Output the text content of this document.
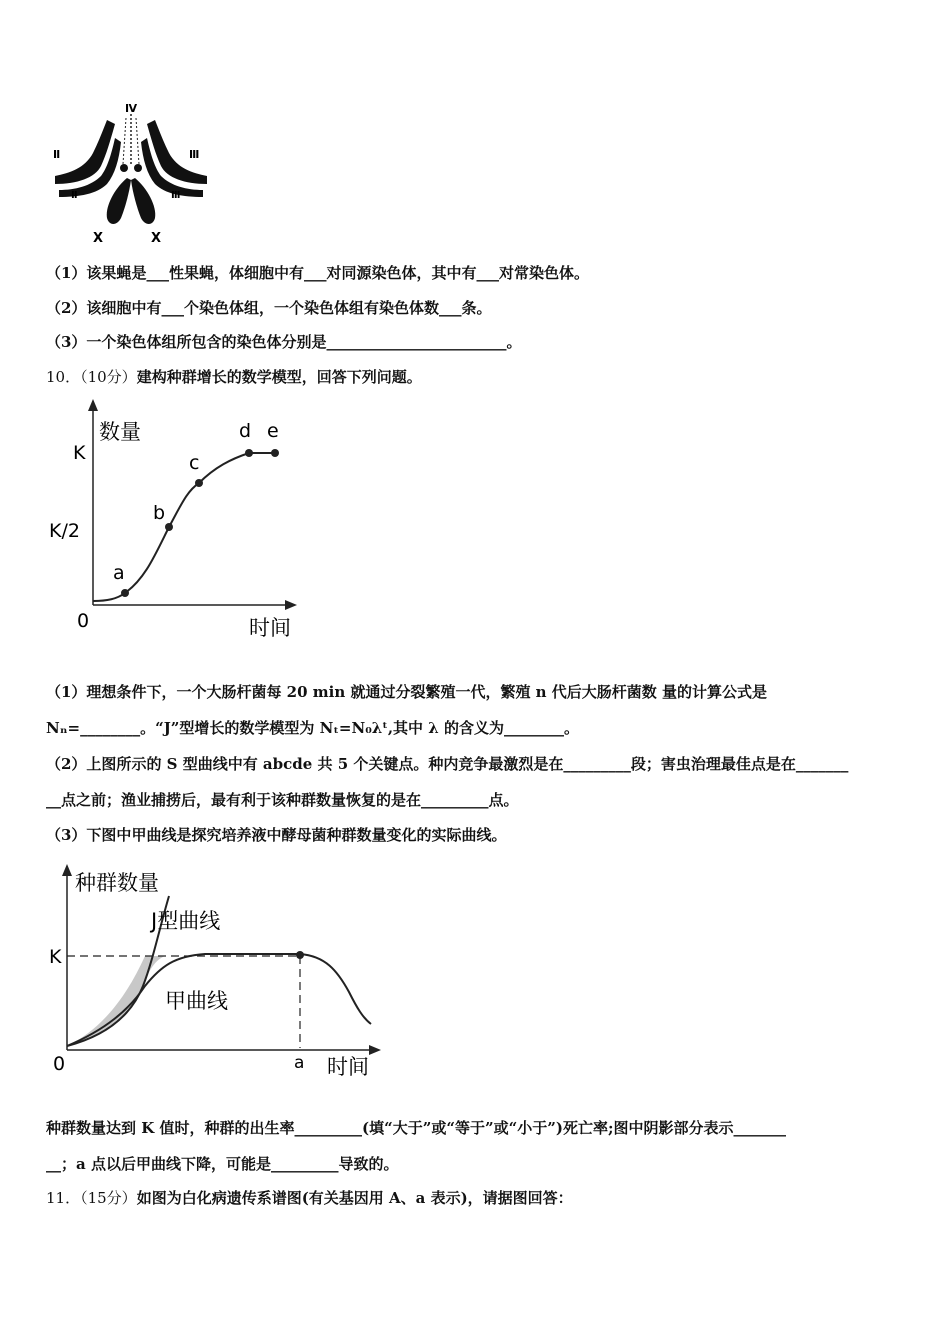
Ⅳ
Ⅱ	Ⅲ
Ⅱ	Ⅲ
X	X
（1）该果蝇是___性果蝇，体细胞中有___对同源染色体，其中有___对常染色体。
（2）该细胞中有___个染色体组，一个染色体组有染色体数___条。
（3）一个染色体组所包含的染色体分别是________________________。
10．（10分）建构种群增长的数学模型，回答下列问题。
数量
时间
K
K/2
0
a
b
c
d e
（1）理想条件下，一个大肠杆菌每 20 min 就通过分裂繁殖一代，繁殖 n 代后大肠杆菌数 量的计算公式是
Nₙ=________。“J”型增长的数学模型为 Nₜ=N₀λᵗ,其中 λ 的含义为________。
（2）上图所示的 S 型曲线中有 abcde 共 5 个关键点。种内竞争最激烈是在_________段；害虫治理最佳点是在_______
__点之前；渔业捕捞后，最有利于该种群数量恢复的是在_________点。
（3）下图中甲曲线是探究培养液中酵母菌种群数量变化的实际曲线。
种群数量
时间
K
0	a
J型曲线
甲曲线
种群数量达到 K 值时，种群的出生率_________(填“大于”或“等于”或“小于”)死亡率;图中阴影部分表示_______
__；a 点以后甲曲线下降，可能是_________导致的。
11．（15分）如图为白化病遗传系谱图(有关基因用 A、a 表示)，请据图回答：
